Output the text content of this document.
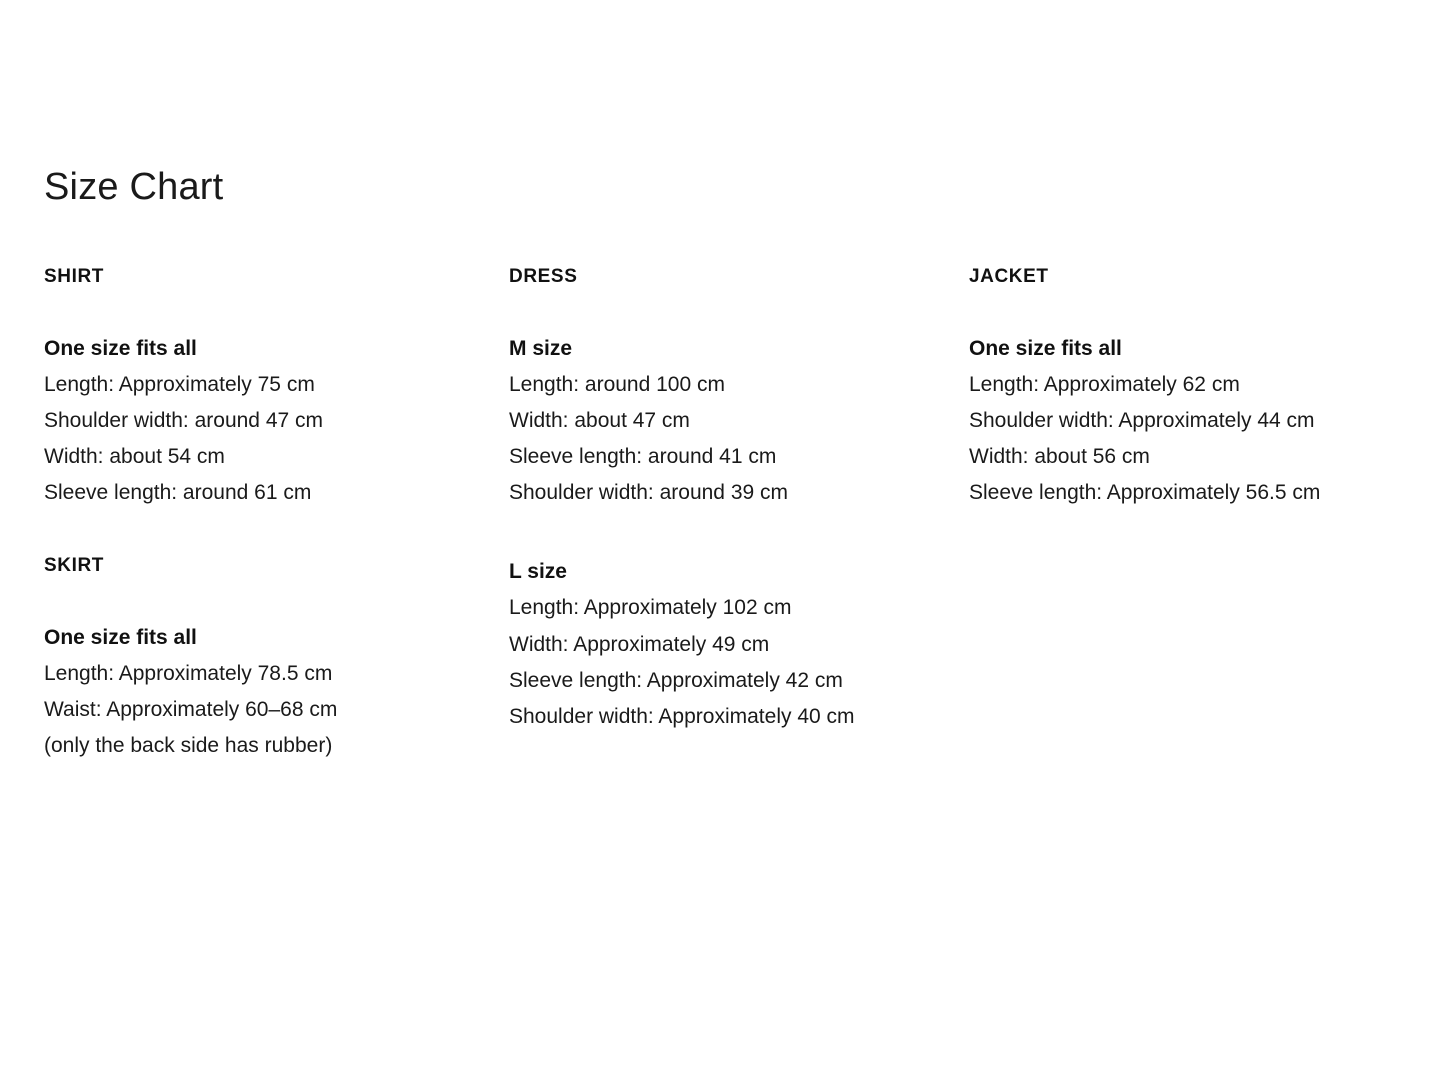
Size Chart
SHIRT
One size fits all
Length: Approximately 75 cm
Shoulder width: around 47 cm
Width: about 54 cm
Sleeve length: around 61 cm
SKIRT
One size fits all
Length: Approximately 78.5 cm
Waist: Approximately 60–68 cm
(only the back side has rubber)
DRESS
M size
Length: around 100 cm
Width: about 47 cm
Sleeve length: around 41 cm
Shoulder width: around 39 cm
L size
Length: Approximately 102 cm
Width: Approximately 49 cm
Sleeve length: Approximately 42 cm
Shoulder width: Approximately 40 cm
JACKET
One size fits all
Length: Approximately 62 cm
Shoulder width: Approximately 44 cm
Width: about 56 cm
Sleeve length: Approximately 56.5 cm
